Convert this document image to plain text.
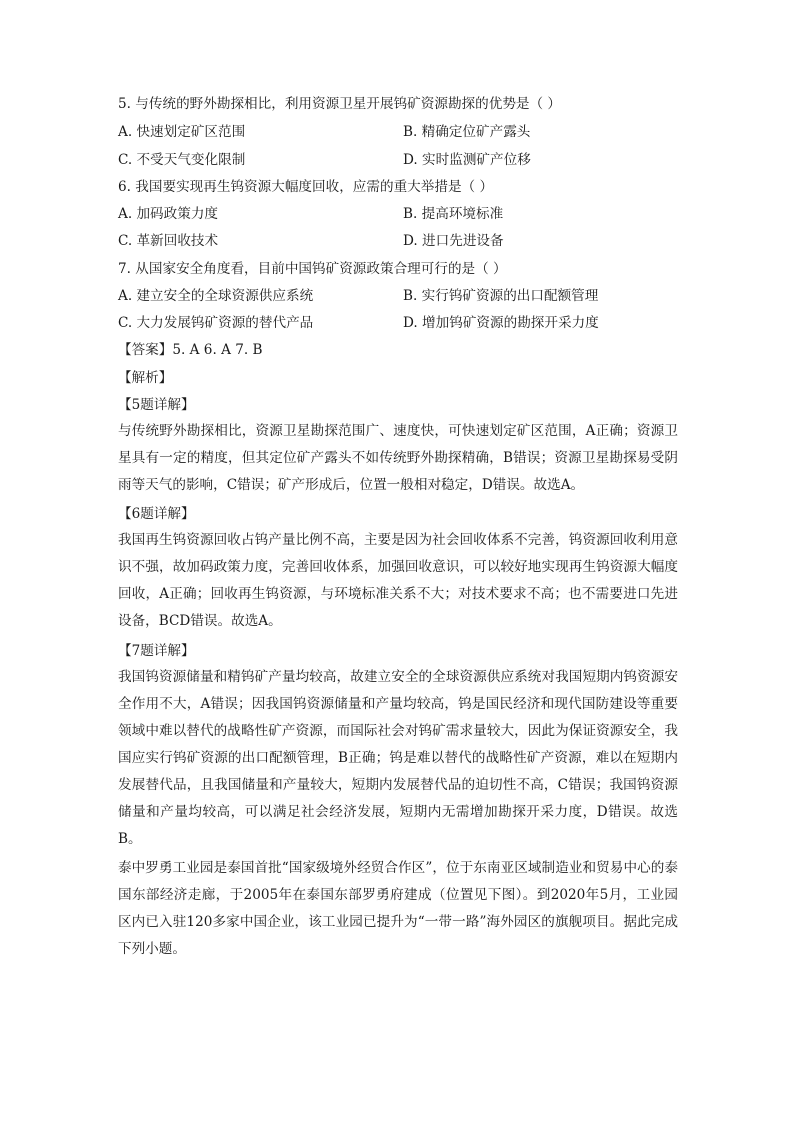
5. 与传统的野外勘探相比，利用资源卫星开展钨矿资源勘探的优势是（ ）
A. 快速划定矿区范围	B. 精确定位矿产露头
C. 不受天气变化限制	D. 实时监测矿产位移
6. 我国要实现再生钨资源大幅度回收，应需的重大举措是（ ）
A. 加码政策力度	B. 提高环境标准
C. 革新回收技术	D. 进口先进设备
7. 从国家安全角度看，目前中国钨矿资源政策合理可行的是（ ）
A. 建立安全的全球资源供应系统	B. 实行钨矿资源的出口配额管理
C. 大力发展钨矿资源的替代产品	D. 增加钨矿资源的勘探开采力度
【答案】5. A 6. A 7. B
【解析】
【5题详解】
与传统野外勘探相比，资源卫星勘探范围广、速度快，可快速划定矿区范围，A正确；资源卫星具有一定的精度，但其定位矿产露头不如传统野外勘探精确，B错误；资源卫星勘探易受阴雨等天气的影响，C错误；矿产形成后，位置一般相对稳定，D错误。故选A。
【6题详解】
我国再生钨资源回收占钨产量比例不高，主要是因为社会回收体系不完善，钨资源回收利用意识不强，故加码政策力度，完善回收体系，加强回收意识，可以较好地实现再生钨资源大幅度回收，A正确；回收再生钨资源，与环境标准关系不大；对技术要求不高；也不需要进口先进设备，BCD错误。故选A。
【7题详解】
我国钨资源储量和精钨矿产量均较高，故建立安全的全球资源供应系统对我国短期内钨资源安全作用不大，A错误；因我国钨资源储量和产量均较高，钨是国民经济和现代国防建设等重要领域中难以替代的战略性矿产资源，而国际社会对钨矿需求量较大，因此为保证资源安全，我国应实行钨矿资源的出口配额管理，B正确；钨是难以替代的战略性矿产资源，难以在短期内发展替代品，且我国储量和产量较大，短期内发展替代品的迫切性不高，C错误；我国钨资源储量和产量均较高，可以满足社会经济发展，短期内无需增加勘探开采力度，D错误。故选B。
泰中罗勇工业园是泰国首批“国家级境外经贸合作区”，位于东南亚区域制造业和贸易中心的泰国东部经济走廊，于2005年在泰国东部罗勇府建成（位置见下图）。到2020年5月，工业园区内已入驻120多家中国企业，该工业园已提升为“一带一路”海外园区的旗舰项目。据此完成下列小题。
